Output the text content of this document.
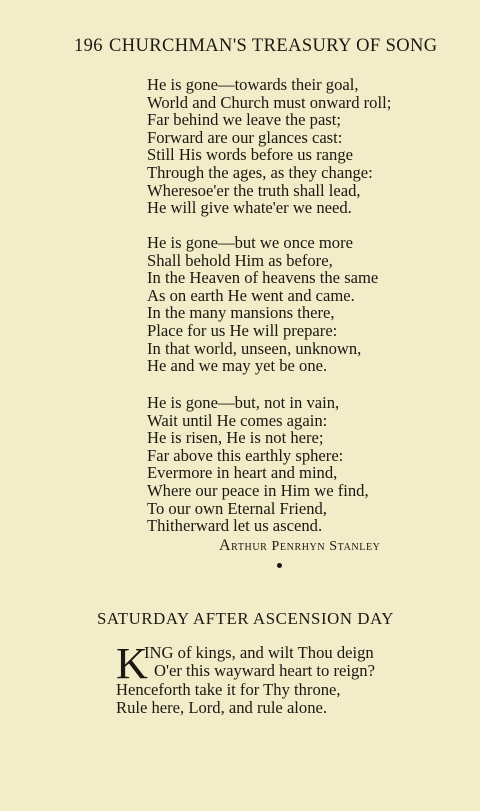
196 CHURCHMAN'S TREASURY OF SONG
He is gone—towards their goal,
World and Church must onward roll;
Far behind we leave the past;
Forward are our glances cast:
Still His words before us range
Through the ages, as they change:
Wheresoe'er the truth shall lead,
He will give whate'er we need.
He is gone—but we once more
Shall behold Him as before,
In the Heaven of heavens the same
As on earth He went and came.
In the many mansions there,
Place for us He will prepare:
In that world, unseen, unknown,
He and we may yet be one.
He is gone—but, not in vain,
Wait until He comes again:
He is risen, He is not here;
Far above this earthly sphere:
Evermore in heart and mind,
Where our peace in Him we find,
To our own Eternal Friend,
Thitherward let us ascend.
Arthur Penrhyn Stanley
SATURDAY AFTER ASCENSION DAY
K
ING of kings, and wilt Thou deign
O'er this wayward heart to reign?
Henceforth take it for Thy throne,
Rule here, Lord, and rule alone.
